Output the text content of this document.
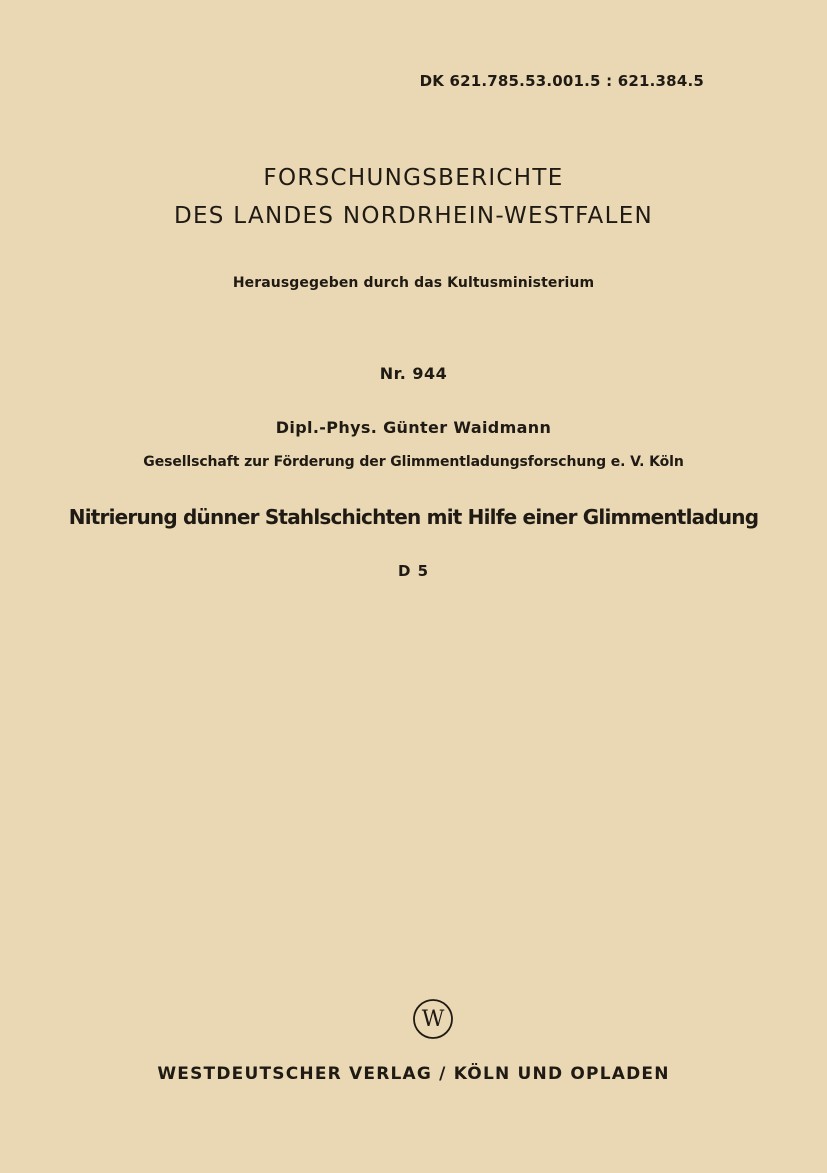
DK 621.785.53.001.5 : 621.384.5
FORSCHUNGSBERICHTE
DES LANDES NORDRHEIN-WESTFALEN
Herausgegeben durch das Kultusministerium
Nr. 944
Dipl.-Phys. Günter Waidmann
Gesellschaft zur Förderung der Glimmentladungsforschung e. V. Köln
Nitrierung dünner Stahlschichten mit Hilfe einer Glimmentladung
D 5
W
WESTDEUTSCHER VERLAG / KÖLN UND OPLADEN
